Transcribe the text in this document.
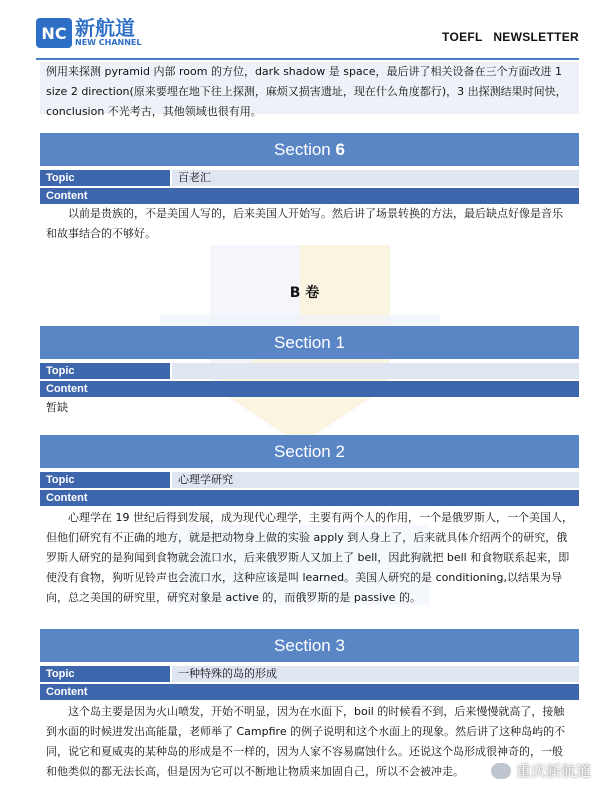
NC 新航道
NEW CHANNEL	TOEFL   NEWSLETTER
例用来探测 pyramid 内部 room 的方位，dark shadow 是 space，最后讲了相关设备在三个方面改进 1 size 2 direction(原来要埋在地下往上探测，麻烦又损害遗址，现在什么角度都行)，3 出探测结果时间快，conclusion 不光考古，其他领域也很有用。
Section 6
Topic	百老汇
Content
以前是贵族的，不是美国人写的，后来美国人开始写。然后讲了场景转换的方法，最后缺点好像是音乐和故事结合的不够好。
B 卷
Section 1
Topic
Content
暂缺
Section 2
Topic	心理学研究
Content
心理学在 19 世纪后得到发展，成为现代心理学，主要有两个人的作用，一个是俄罗斯人，一个美国人，但他们研究有不正确的地方，就是把动物身上做的实验 apply 到人身上了，后来就具体介绍两个的研究，俄罗斯人研究的是狗闻到食物就会流口水，后来俄罗斯人又加上了 bell，因此狗就把 bell 和食物联系起来，即使没有食物，狗听见铃声也会流口水，这种应该是叫 learned。美国人研究的是 conditioning,以结果为导向，总之美国的研究里，研究对象是 active 的，而俄罗斯的是 passive 的。
Section 3
Topic	一种特殊的岛的形成
Content
这个岛主要是因为火山喷发，开始不明显，因为在水面下，boil 的时候看不到，后来慢慢就高了，接触到水面的时候进发出高能量，老师举了 Campfire 的例子说明和这个水面上的现象。然后讲了这种岛屿的不同，说它和夏威夷的某种岛的形成是不一样的，因为人家不容易腐蚀什么。还说这个岛形成很神奇的，一般和他类似的都无法长高，但是因为它可以不断地让物质来加固自己，所以不会被冲走。	重庆新航道
